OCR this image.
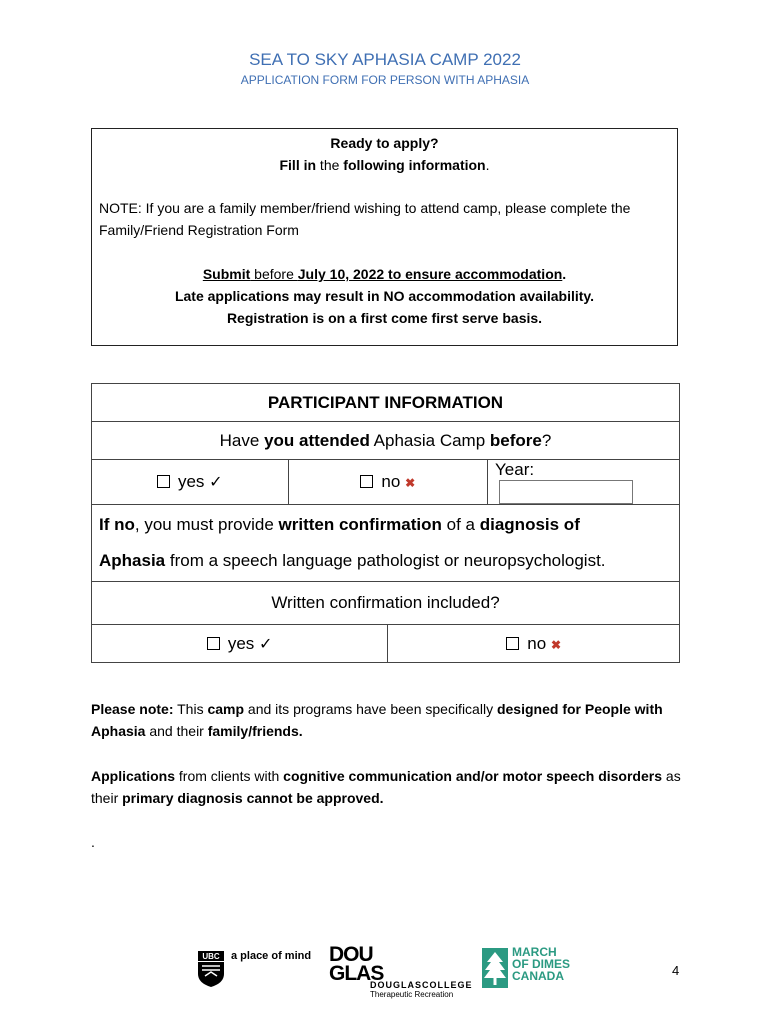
SEA TO SKY APHASIA CAMP 2022
APPLICATION FORM FOR PERSON WITH APHASIA
Ready to apply?
Fill in the following information.
NOTE: If you are a family member/friend wishing to attend camp, please complete the Family/Friend Registration Form
Submit before July 10, 2022 to ensure accommodation.
Late applications may result in NO accommodation availability.
Registration is on a first come first serve basis.
PARTICIPANT INFORMATION			
Have you attended Aphasia Camp before?			
yes ✓	no ✖		Year:
If no, you must provide written confirmation of a diagnosis of
Aphasia from a speech language pathologist or neuropsychologist.			
Written confirmation included?			
yes ✓		no ✖	
Please note: This camp and its programs have been specifically designed for People with Aphasia and their family/friends.
Applications from clients with cognitive communication and/or motor speech disorders as their primary diagnosis cannot be approved.
.
UBC a place of mind DOU
GLAS
DOUGLASCOLLEGE
Therapeutic Recreation
MARCH
OF DIMES
CANADA	4
